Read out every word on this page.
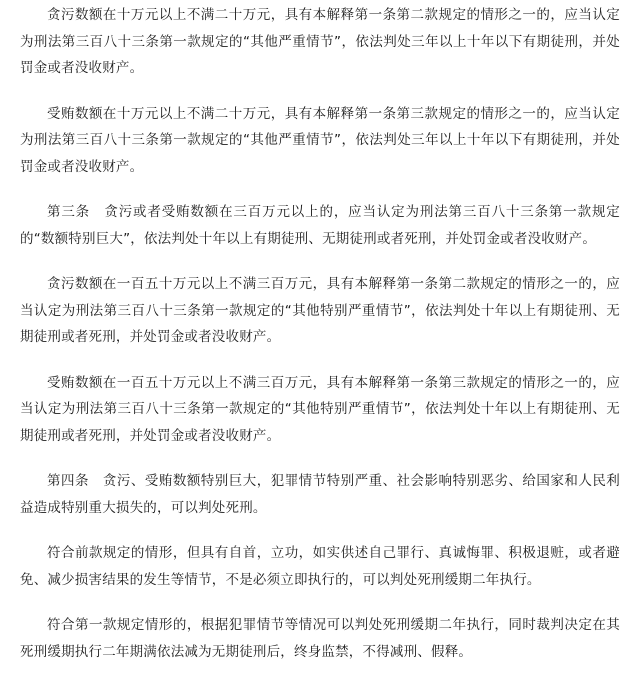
贪污数额在十万元以上不满二十万元，具有本解释第一条第二款规定的情形之一的，应当认定为刑法第三百八十三条第一款规定的“其他严重情节”，依法判处三年以上十年以下有期徒刑，并处罚金或者没收财产。

受贿数额在十万元以上不满二十万元，具有本解释第一条第三款规定的情形之一的，应当认定为刑法第三百八十三条第一款规定的“其他严重情节”，依法判处三年以上十年以下有期徒刑，并处罚金或者没收财产。

第三条　贪污或者受贿数额在三百万元以上的，应当认定为刑法第三百八十三条第一款规定的“数额特别巨大”，依法判处十年以上有期徒刑、无期徒刑或者死刑，并处罚金或者没收财产。

贪污数额在一百五十万元以上不满三百万元，具有本解释第一条第二款规定的情形之一的，应当认定为刑法第三百八十三条第一款规定的“其他特别严重情节”，依法判处十年以上有期徒刑、无期徒刑或者死刑，并处罚金或者没收财产。

受贿数额在一百五十万元以上不满三百万元，具有本解释第一条第三款规定的情形之一的，应当认定为刑法第三百八十三条第一款规定的“其他特别严重情节”，依法判处十年以上有期徒刑、无期徒刑或者死刑，并处罚金或者没收财产。

第四条　贪污、受贿数额特别巨大，犯罪情节特别严重、社会影响特别恶劣、给国家和人民利益造成特别重大损失的，可以判处死刑。

符合前款规定的情形，但具有自首，立功，如实供述自己罪行、真诚悔罪、积极退赃，或者避免、减少损害结果的发生等情节，不是必须立即执行的，可以判处死刑缓期二年执行。

符合第一款规定情形的，根据犯罪情节等情况可以判处死刑缓期二年执行，同时裁判决定在其死刑缓期执行二年期满依法减为无期徒刑后，终身监禁，不得减刑、假释。
